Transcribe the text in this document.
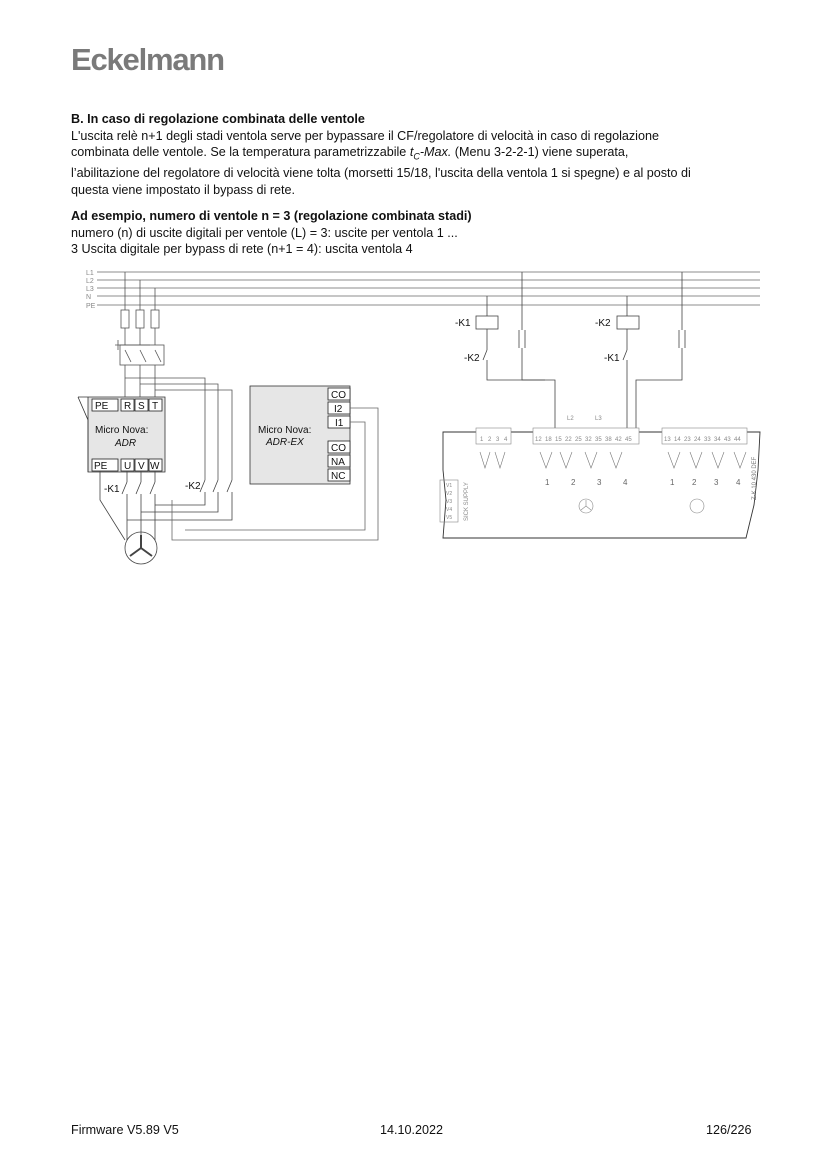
Eckelmann
B. In caso di regolazione combinata delle ventole

L'uscita relè n+1 degli stadi ventola serve per bypassare il CF/regolatore di velocità in caso di regolazione

combinata delle ventole. Se la temperatura parametrizzabile $t_C$-Max. (Menu 3-2-2-1) viene superata,

l’abilitazione del regolatore di velocità viene tolta (morsetti 15/18, l'uscita della ventola 1 si spegne) e al posto di

questa viene impostato il bypass di rete.

Ad esempio, numero di ventole n = 3 (regolazione combinata stadi)

numero (n) di uscite digitali per ventole (L) = 3: uscite per ventola 1 ...

3 Uscita digitale per bypass di rete (n+1 = 4): uscita ventola 4

L1
L2
L3
N
PE
PE R S T
Micro Nova:
ADR
PE U V W
-K1	-K2
Micro Nova:
ADR-EX
CO
I2
I1
CO
NA
NC
-K1	-K2
-K2	-K1
1 2 3 4	12 18 15 22 25 32 35 38 42 45
L2	L3
13 14 23 24 33 34 43 44
1	2	3	4	1 2 3 4
V1
V2
V3
V4
V5 SICK SUPPLY
Z-K 10 430 DEF
Firmware V5.89 V5	14.10.2022	126/226
